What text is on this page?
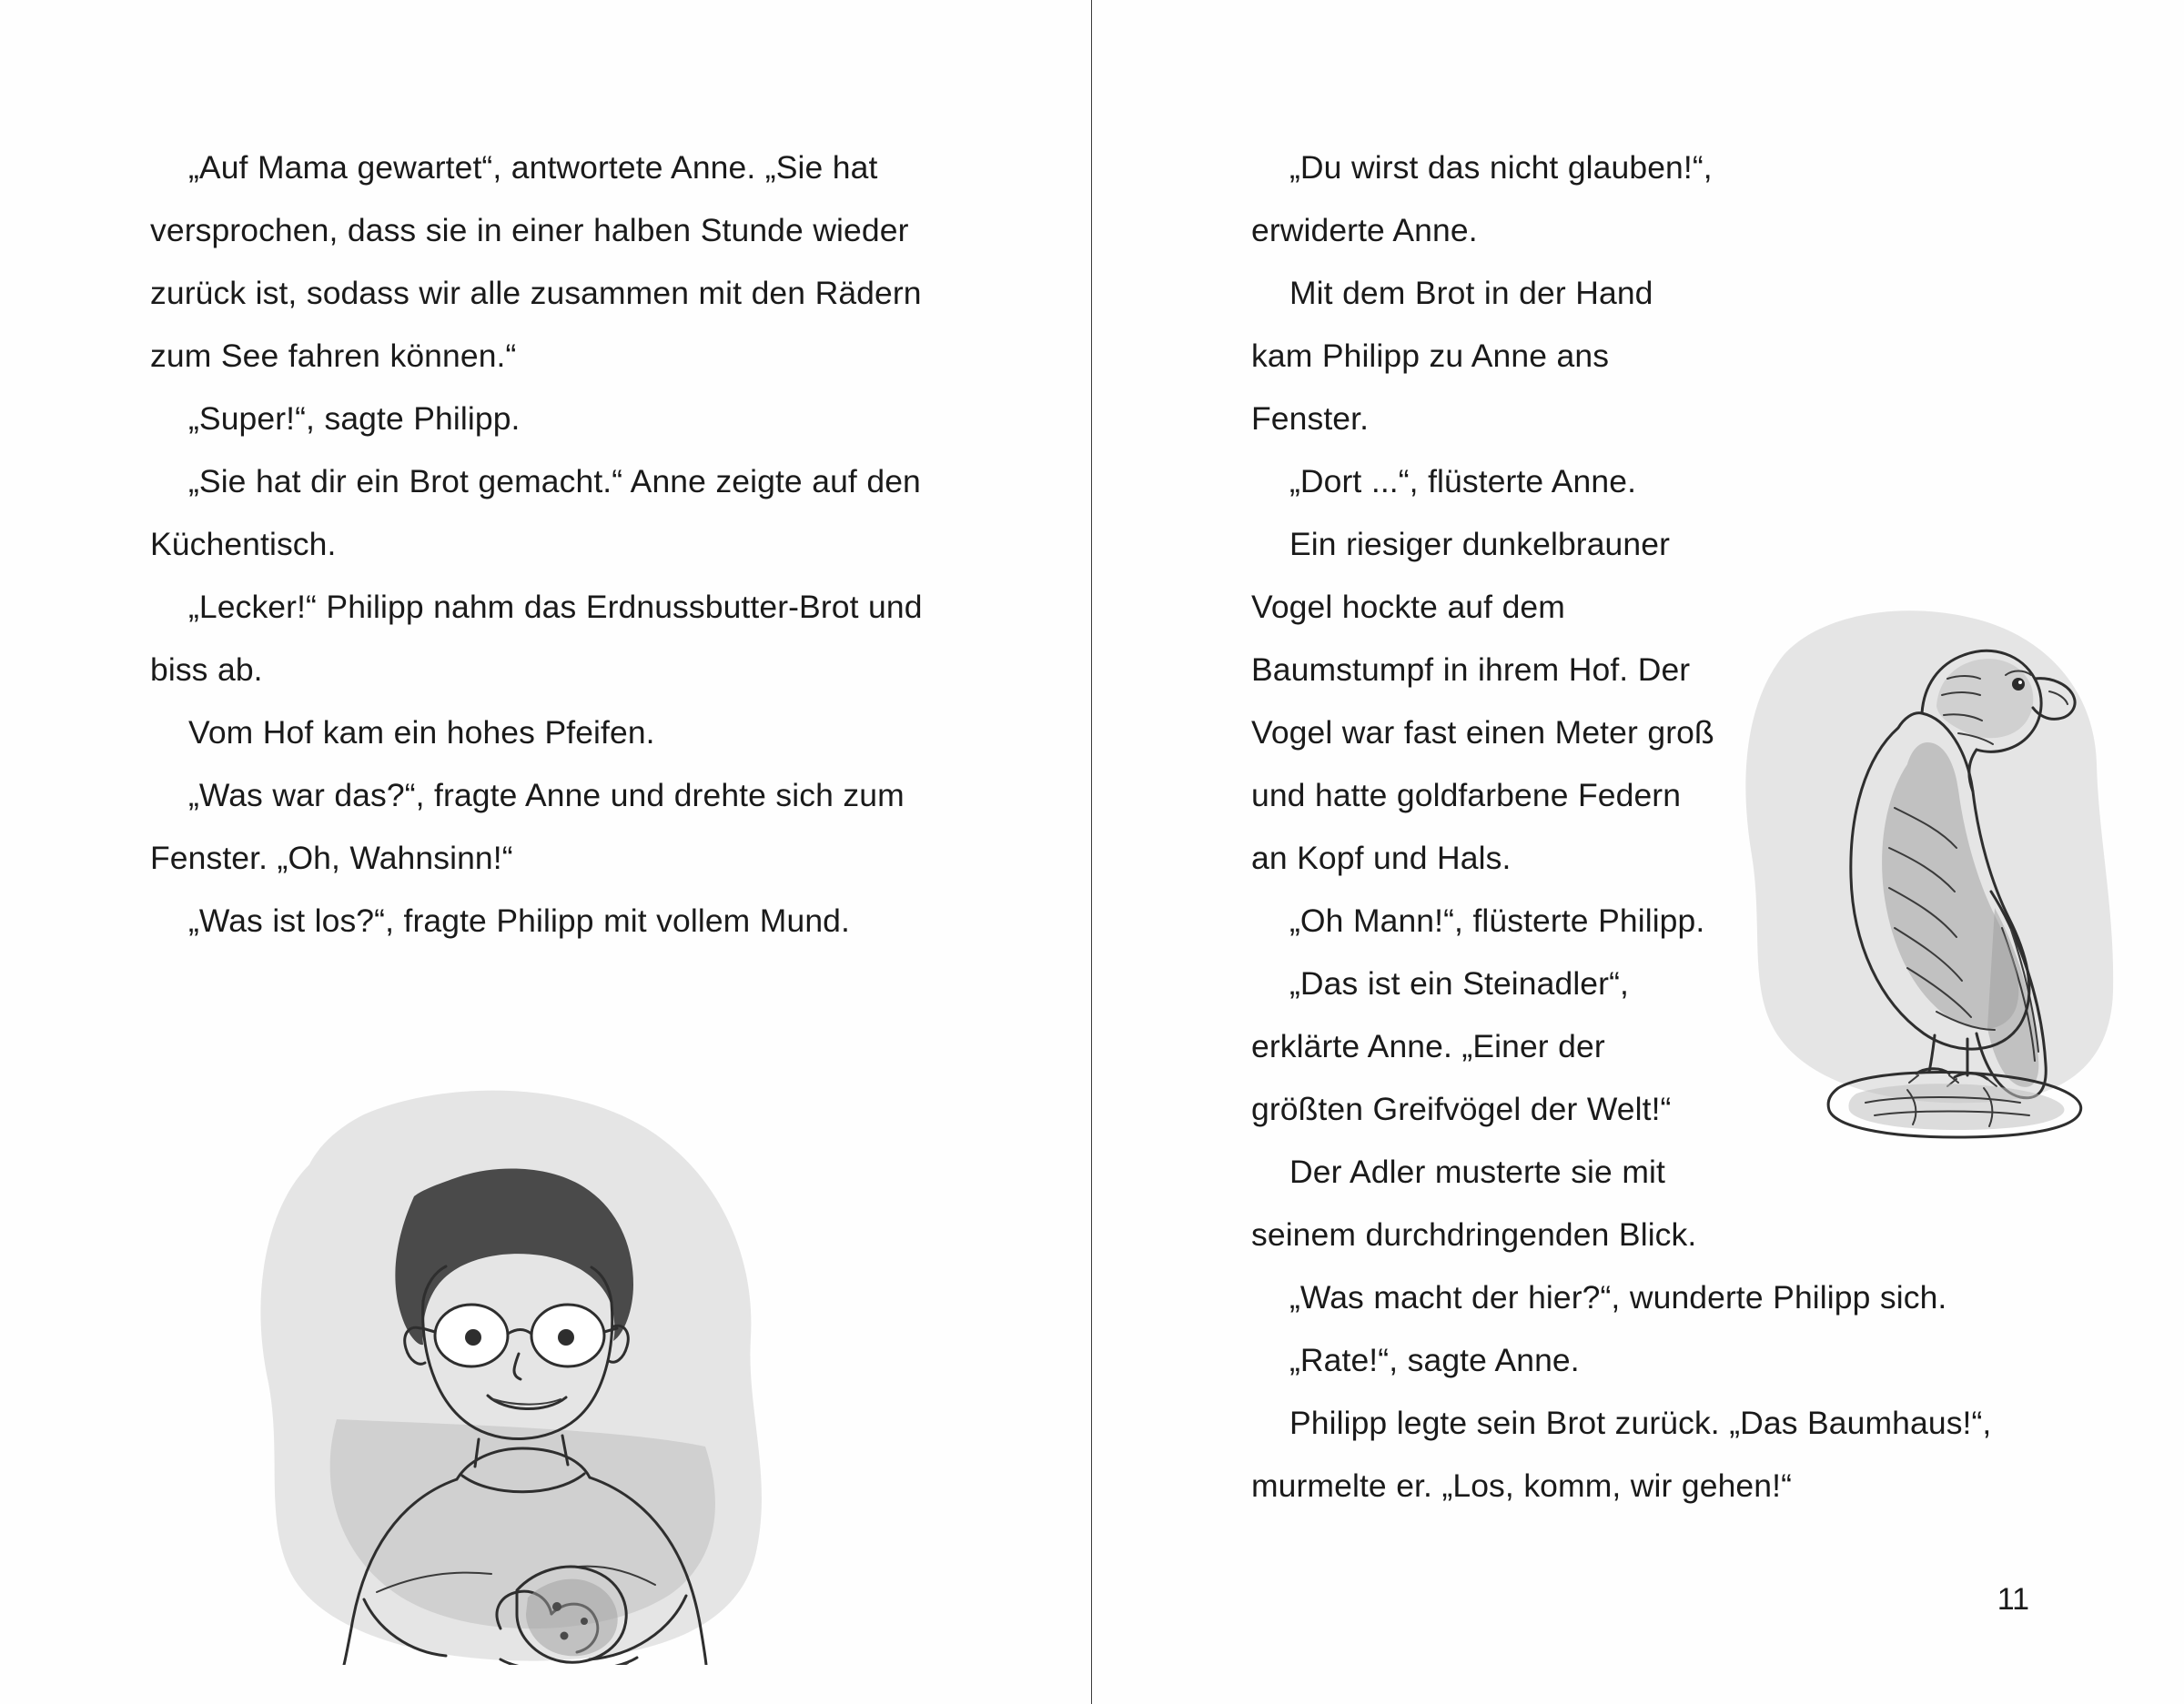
„Auf Mama gewartet“, antwortete Anne. „Sie hat versprochen, dass sie in einer halben Stunde wieder zurück ist, sodass wir alle zusammen mit den Rädern zum See fahren können.“

„Super!“, sagte Philipp.

„Sie hat dir ein Brot gemacht.“ Anne zeigte auf den Küchentisch.

„Lecker!“ Philipp nahm das Erdnussbutter-Brot und biss ab.

Vom Hof kam ein hohes Pfeifen.

„Was war das?“, fragte Anne und drehte sich zum Fenster. „Oh, Wahnsinn!“

„Was ist los?“, fragte Philipp mit vollem Mund.

„Du wirst das nicht glauben!“, erwiderte Anne.

Mit dem Brot in der Hand kam Philipp zu Anne ans Fenster.

„Dort ...“, flüsterte Anne.

Ein riesiger dunkelbrauner Vogel hockte auf dem Baumstumpf in ihrem Hof. Der Vogel war fast einen Meter groß und hatte goldfarbene Federn an Kopf und Hals.

„Oh Mann!“, flüsterte Philipp.

„Das ist ein Steinadler“, erklärte Anne. „Einer der größten Greifvögel der Welt!“

Der Adler musterte sie mit seinem durchdringenden Blick.

„Was macht der hier?“, wunderte Philipp sich.

„Rate!“, sagte Anne.

Philipp legte sein Brot zurück. „Das Baumhaus!“, murmelte er. „Los, komm, wir gehen!“

11
